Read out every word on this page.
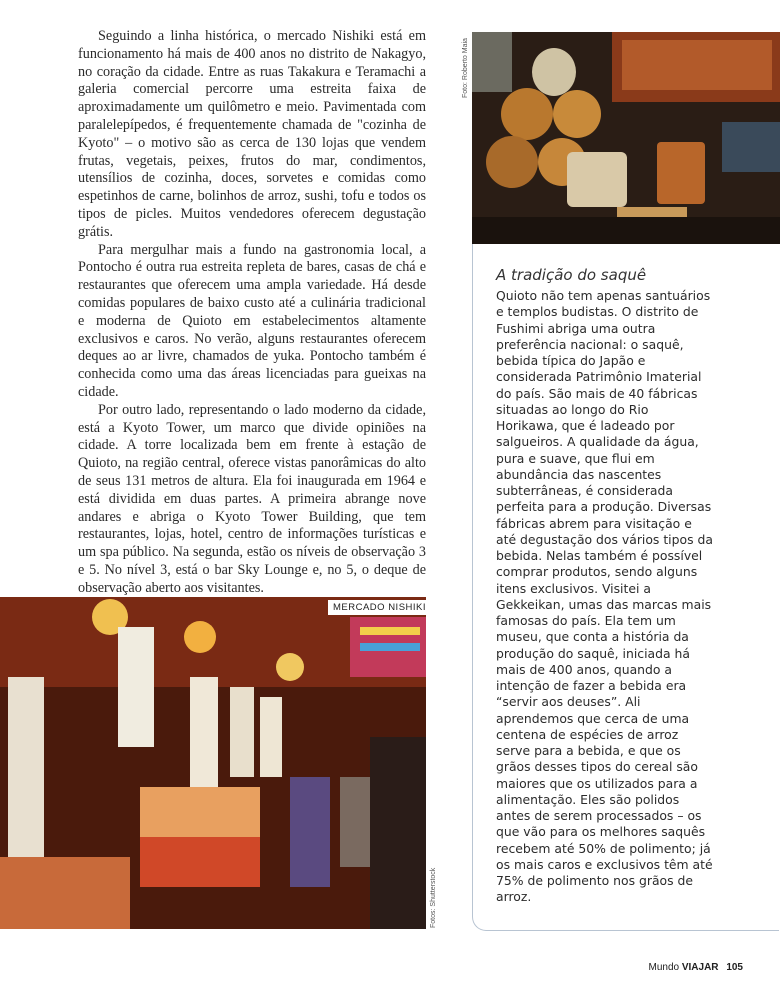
Seguindo a linha histórica, o mercado Nishiki está em funcionamento há mais de 400 anos no distrito de Nakagyo, no coração da cidade. Entre as ruas Takakura e Teramachi a galeria comercial percorre uma estreita faixa de aproximadamente um quilômetro e meio. Pavimentada com paralelepípedos, é frequentemente chamada de "cozinha de Kyoto" – o motivo são as cerca de 130 lojas que vendem frutas, vegetais, peixes, frutos do mar, condimentos, utensílios de cozinha, doces, sorvetes e comidas como espetinhos de carne, bolinhos de arroz, sushi, tofu e todos os tipos de picles. Muitos vendedores oferecem degustação grátis.

Para mergulhar mais a fundo na gastronomia local, a Pontocho é outra rua estreita repleta de bares, casas de chá e restaurantes que oferecem uma ampla variedade. Há desde comidas populares de baixo custo até a culinária tradicional e moderna de Quioto em estabelecimentos altamente exclusivos e caros. No verão, alguns restaurantes oferecem deques ao ar livre, chamados de yuka. Pontocho também é conhecida como uma das áreas licenciadas para gueixas na cidade.

Por outro lado, representando o lado moderno da cidade, está a Kyoto Tower, um marco que divide opiniões na cidade. A torre localizada bem em frente à estação de Quioto, na região central, oferece vistas panorâmicas do alto de seus 131 metros de altura. Ela foi inaugurada em 1964 e está dividida em duas partes. A primeira abrange nove andares e abriga o Kyoto Tower Building, que tem restaurantes, lojas, hotel, centro de informações turísticas e um spa público. Na segunda, estão os níveis de observação 3 e 5. No nível 3, está o bar Sky Lounge e, no 5, o deque de observação aberto aos visitantes.

Foto: Roberto Maia
MERCADO NISHIKI
Fotos: Shutterstock
A tradição do saquê
Quioto não tem apenas santuários e templos budistas. O distrito de Fushimi abriga uma outra preferência nacional: o saquê, bebida típica do Japão e considerada Patrimônio Imaterial do país. São mais de 40 fábricas situadas ao longo do Rio Horikawa, que é ladeado por salgueiros. A qualidade da água, pura e suave, que flui em abundância das nascentes subterrâneas, é considerada perfeita para a produção. Diversas fábricas abrem para visitação e até degustação dos vários tipos da bebida. Nelas também é possível comprar produtos, sendo alguns itens exclusivos. Visitei a Gekkeikan, umas das marcas mais famosas do país. Ela tem um museu, que conta a história da produção do saquê, iniciada há mais de 400 anos, quando a intenção de fazer a bebida era “servir aos deuses”. Ali aprendemos que cerca de uma centena de espécies de arroz serve para a bebida, e que os grãos desses tipos do cereal são maiores que os utilizados para a alimentação. Eles são polidos antes de serem processados – os que vão para os melhores saquês recebem até 50% de polimento; já os mais caros e exclusivos têm até 75% de polimento nos grãos de arroz.
Mundo VIAJAR 105
